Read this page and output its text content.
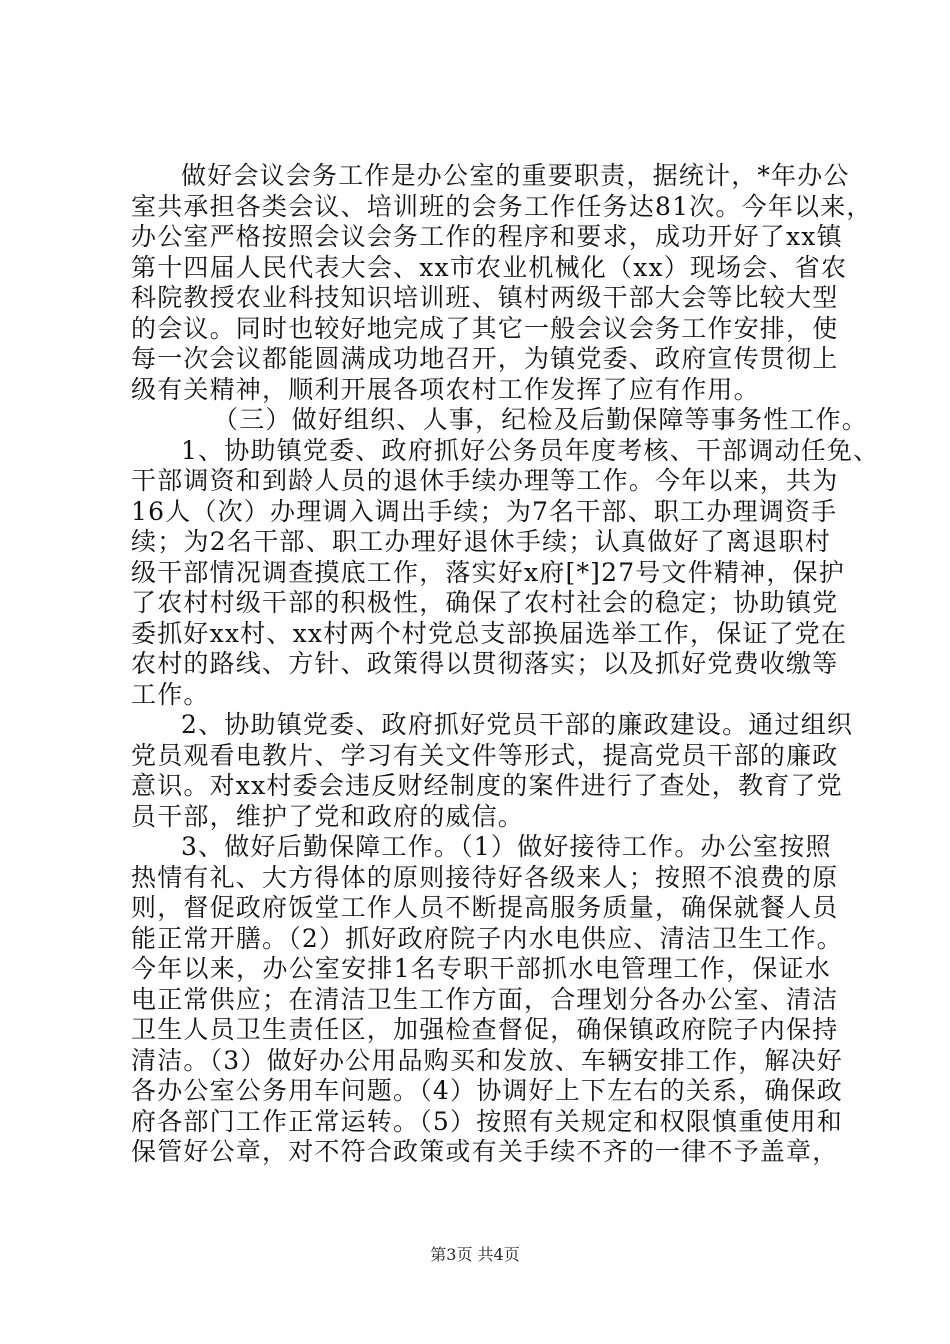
做好会议会务工作是办公室的重要职责，据统计，*年办公
室共承担各类会议、培训班的会务工作任务达81次。今年以来，
办公室严格按照会议会务工作的程序和要求，成功开好了xx镇
第十四届人民代表大会、xx市农业机械化（xx）现场会、省农
科院教授农业科技知识培训班、镇村两级干部大会等比较大型
的会议。同时也较好地完成了其它一般会议会务工作安排，使
每一次会议都能圆满成功地召开，为镇党委、政府宣传贯彻上
级有关精神，顺利开展各项农村工作发挥了应有作用。
（三）做好组织、人事，纪检及后勤保障等事务性工作。
1、协助镇党委、政府抓好公务员年度考核、干部调动任免、
干部调资和到龄人员的退休手续办理等工作。今年以来，共为
16人（次）办理调入调出手续；为7名干部、职工办理调资手
续；为2名干部、职工办理好退休手续；认真做好了离退职村
级干部情况调查摸底工作，落实好x府[*]27号文件精神，保护
了农村村级干部的积极性，确保了农村社会的稳定；协助镇党
委抓好xx村、xx村两个村党总支部换届选举工作，保证了党在
农村的路线、方针、政策得以贯彻落实；以及抓好党费收缴等
工作。
2、协助镇党委、政府抓好党员干部的廉政建设。通过组织
党员观看电教片、学习有关文件等形式，提高党员干部的廉政
意识。对xx村委会违反财经制度的案件进行了查处，教育了党
员干部，维护了党和政府的威信。
3、做好后勤保障工作。（1）做好接待工作。办公室按照
热情有礼、大方得体的原则接待好各级来人；按照不浪费的原
则，督促政府饭堂工作人员不断提高服务质量，确保就餐人员
能正常开膳。（2）抓好政府院子内水电供应、清洁卫生工作。
今年以来，办公室安排1名专职干部抓水电管理工作，保证水
电正常供应；在清洁卫生工作方面，合理划分各办公室、清洁
卫生人员卫生责任区，加强检查督促，确保镇政府院子内保持
清洁。（3）做好办公用品购买和发放、车辆安排工作，解决好
各办公室公务用车问题。（4）协调好上下左右的关系，确保政
府各部门工作正常运转。（5）按照有关规定和权限慎重使用和
保管好公章，对不符合政策或有关手续不齐的一律不予盖章，
第3页 共4页
